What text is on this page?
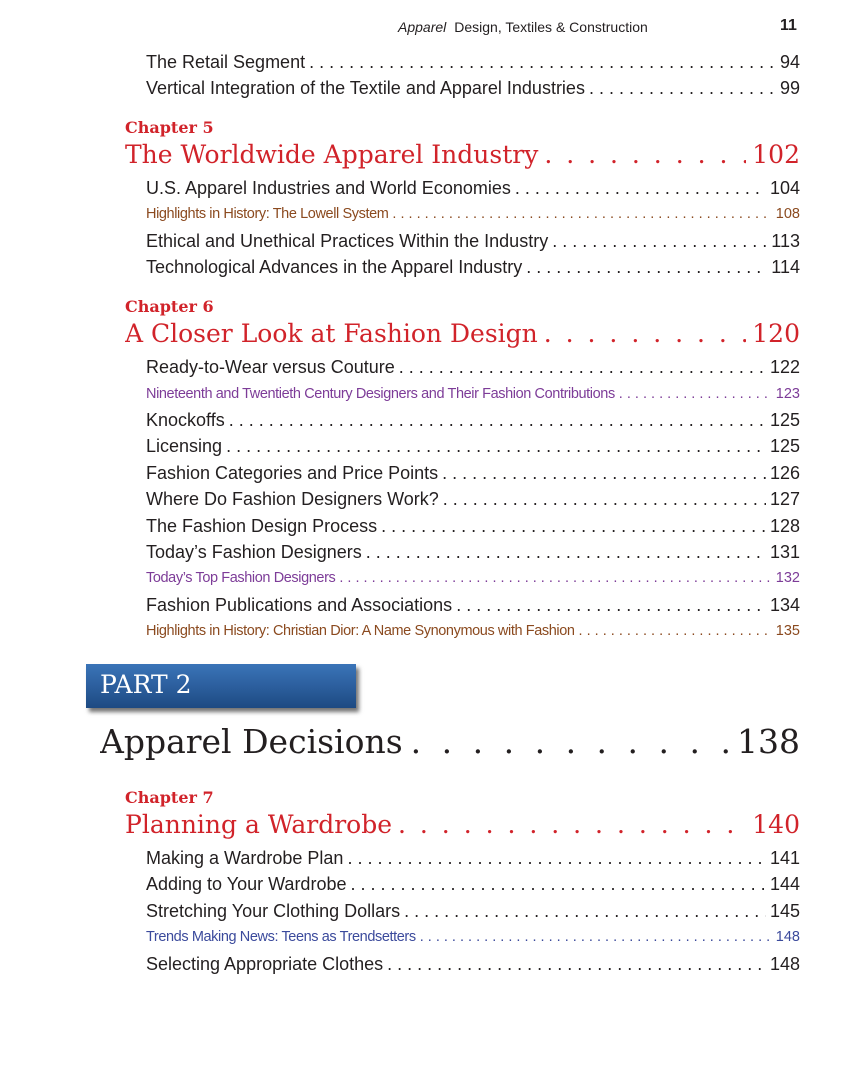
Apparel Design, Textiles & Construction	11
The Retail Segment . . .	94
Vertical Integration of the Textile and Apparel Industries . . .	99
Chapter 5
The Worldwide Apparel Industry . . .	102
U.S. Apparel Industries and World Economies . . .	104
Highlights in History: The Lowell System . . .	108
Ethical and Unethical Practices Within the Industry . . .	113
Technological Advances in the Apparel Industry . . .	114
Chapter 6
A Closer Look at Fashion Design . . .	120
Ready-to-Wear versus Couture . . .	122
Nineteenth and Twentieth Century Designers and Their Fashion Contributions . . .	123
Knockoffs . . .	125
Licensing . . .	125
Fashion Categories and Price Points . . .	126
Where Do Fashion Designers Work? . . .	127
The Fashion Design Process . . .	128
Today’s Fashion Designers . . .	131
Today’s Top Fashion Designers . . .	132
Fashion Publications and Associations . . .	134
Highlights in History: Christian Dior: A Name Synonymous with Fashion . . .	135
PART 2
Apparel Decisions . . .	138
Chapter 7
Planning a Wardrobe . . .	140
Making a Wardrobe Plan . . .	141
Adding to Your Wardrobe . . .	144
Stretching Your Clothing Dollars . . .	145
Trends Making News: Teens as Trendsetters . . .	148
Selecting Appropriate Clothes . . .	148
